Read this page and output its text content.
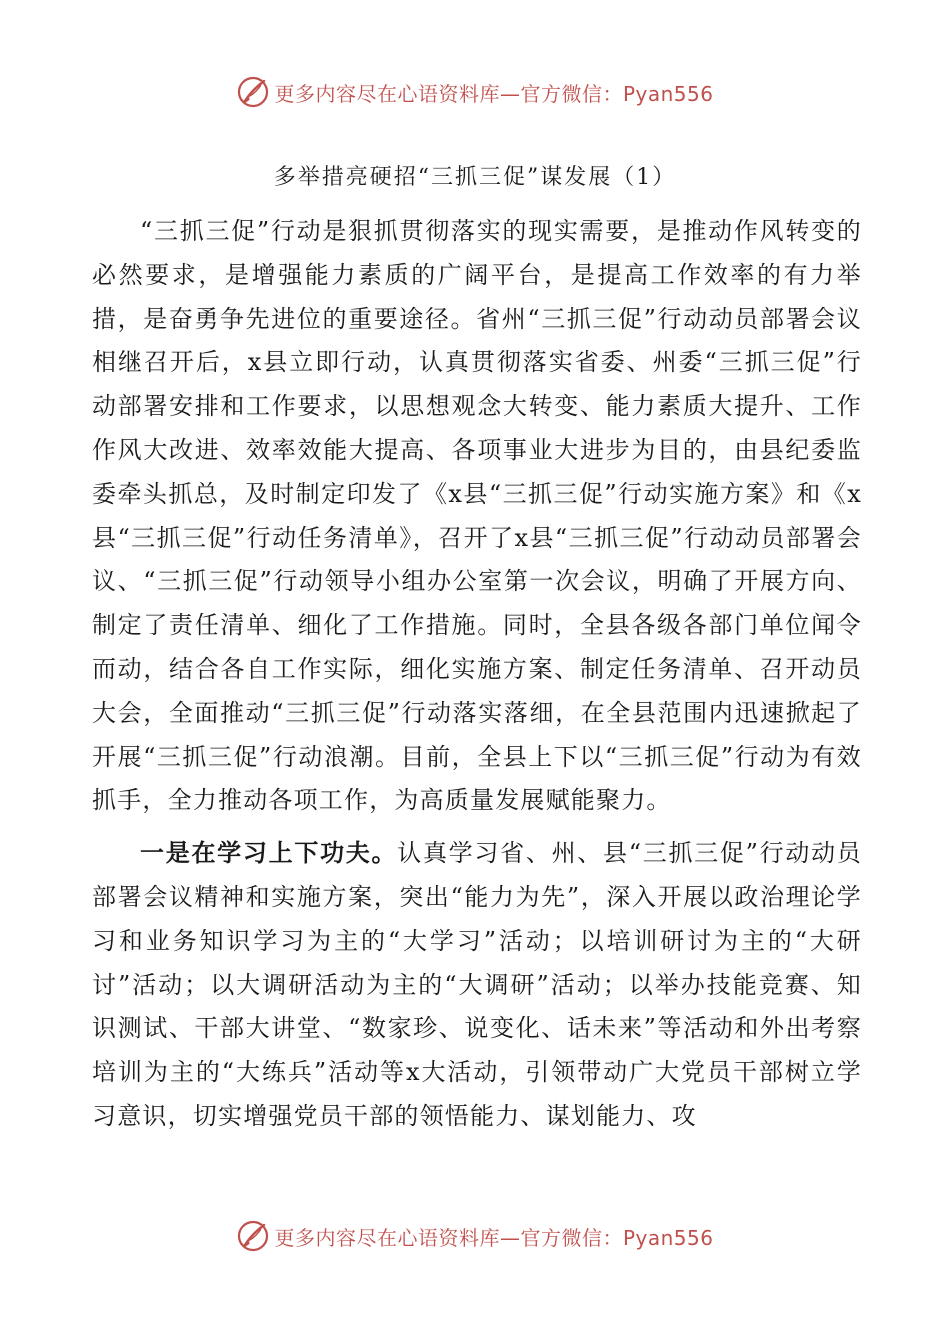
更多内容尽在心语资料库—官方微信：Pyan556
多举措亮硬招“三抓三促”谋发展（1）

“三抓三促”行动是狠抓贯彻落实的现实需要，是推动作风转变的必然要求，是增强能力素质的广阔平台，是提高工作效率的有力举措，是奋勇争先进位的重要途径。省州“三抓三促”行动动员部署会议相继召开后，x县立即行动，认真贯彻落实省委、州委“三抓三促”行动部署安排和工作要求，以思想观念大转变、能力素质大提升、工作作风大改进、效率效能大提高、各项事业大进步为目的，由县纪委监委牵头抓总，及时制定印发了《x县“三抓三促”行动实施方案》和《x县“三抓三促”行动任务清单》，召开了x县“三抓三促”行动动员部署会议、“三抓三促”行动领导小组办公室第一次会议，明确了开展方向、制定了责任清单、细化了工作措施。同时，全县各级各部门单位闻令而动，结合各自工作实际，细化实施方案、制定任务清单、召开动员大会，全面推动“三抓三促”行动落实落细，在全县范围内迅速掀起了开展“三抓三促”行动浪潮。目前，全县上下以“三抓三促”行动为有效抓手，全力推动各项工作，为高质量发展赋能聚力。

一是在学习上下功夫。认真学习省、州、县“三抓三促”行动动员部署会议精神和实施方案，突出“能力为先”，深入开展以政治理论学习和业务知识学习为主的“大学习”活动；以培训研讨为主的“大研讨”活动；以大调研活动为主的“大调研”活动；以举办技能竞赛、知识测试、干部大讲堂、“数家珍、说变化、话未来”等活动和外出考察培训为主的“大练兵”活动等x大活动，引领带动广大党员干部树立学习意识，切实增强党员干部的领悟能力、谋划能力、攻

更多内容尽在心语资料库—官方微信：Pyan556
